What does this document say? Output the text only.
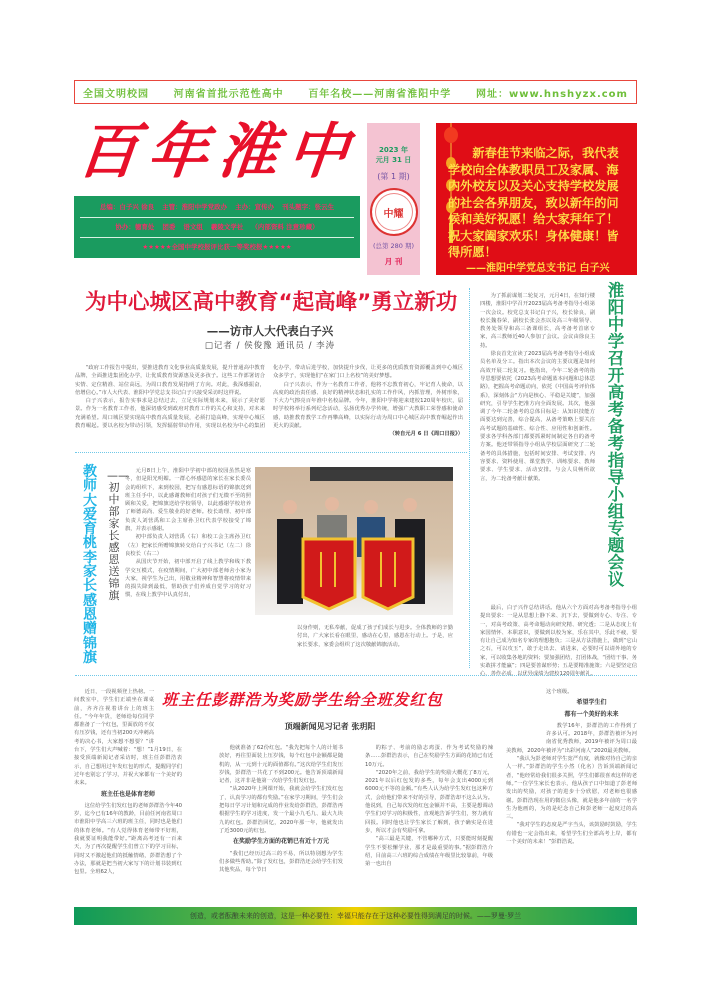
全国文明校园 河南省首批示范性高中 百年名校——河南省淮阳中学 网址：www.hnshyzx.com
百年淮中
总编：白子兴 徐良 主管：淮阳中学党政办 主办：宣传办 刊头题字：张云生
协办：德育处 团委 语文组 羲陵文学社 （内部资料 注意珍藏）
★★★★★全国中学校报评比获一等奖校报★★★★★
2023 年
元月 31 日
(第 1 期)
中耀
(总第 280 期)
月 刊
新春佳节来临之际，我代表学校向全体教职员工及家属、海内外校友以及关心支持学校发展的社会各界朋友，致以新年的问候和美好祝愿！给大家拜年了！祝大家阖家欢乐！身体健康！皆得所愿！
——淮阳中学党总支书记 白子兴
为中心城区高中教育“起高峰”勇立新功
——访市人大代表白子兴
□记者 / 侯俊豫 通讯员 / 李涛

“政府工作报告中提出，要推进教育文化事业高质量发展，提升普通高中教育品牌，全面推进集团化办学，让优质教育资源惠及更多孩子。这些工作部署切合实情、定位精准、站位高远，为周口教育发展指明了方向。对此，我深感振奋，倍增信心。”市人大代表、淮阳中学党总支书记白子兴接受采访时这样说。

白子兴表示，报告实事求是总结过去，立足实际规划未来，展示了美好愿景。作为一名教育工作者，他深切感受到政府对教育工作的关心和支持，对未来充满希望。周口城区要实现高中教育高质量发展，必须打造高峰，实现中心城区教育崛起。要以名校为带动引领，发挥辐射带动作用，实现以名校为中心的集团化办学，带动后进学校，加快提升步伐，让更多的优质教育资源覆盖到中心城区众多学子，实现他们“在家门口上名校”的美好梦想。

白子兴表示，作为一名教育工作者，他将不忘教育初心，牢记育人使命，以高度的政治责任感、良好的精神状态和扎实的工作作风，内抓管理，外树形象，下大力气擦亮百年淮中名校品牌。今年，淮阳中学将迎来建校120周年校庆，届时学校将举行系列纪念活动，弘扬优秀办学传统，增强广大教职工荣誉感和使命感，助推教育教学工作再攀高峰，以实际行动为周口中心城区高中教育崛起作出更大的贡献。

（转自元月 6 日《周口日报》）

为了抓前谋划二轮复习，元月4日，在知行楼四楼，淮阳中学召开2023届高考备考指导小组第一次会议。校党总支书记白子兴，校长徐良，副校长魏春荣，副校长张会杰以及高三年级领导、教务处领导和高三备课组长，高考备考首席专家，高三教师近40人参加了会议。会议由徐良主持。

徐良首先宣读了2023届高考备考指导小组成员名单及分工。指出本次会议的主要议题是如何高效开展二轮复习。他指出，今年二轮备考的指导思想要依托《2023高考命题蓝本问题和总体思路》，把握高考命题动向，依托《中国高考评价体系》，深刻体会“方向是核心、平稳是关键”，加强研究，引导学生把准方向全面发展。其次，他强调了今年二轮备考的总体目标是：从知识技能方面要达到完善，综合提高，从备考策略上要关注高考试题的基础性、综合性、应用性和创新性。要求各学科各部门都要抓紧时间制定各自的备考方案。他还带领指导小组从学校层面研究了二轮备考的具体措施，包括时间安排、考试安排、内容要求、资料使用、课堂教学、训练要求、教师要求、学生要求、活动安排。与会人员畅所欲言，为二轮备考献计献策。

淮阳中学召开高考备考指导小组专题会议

最后，白子兴作总结讲话。他从六个方面对高考备考指导小组提出要求：一是从思想上静下来、沉下去，要做到专心、专注、专一，对高考政策、高考命题动向研究精、研究透；二是从态度上有家国情怀、本职意识，要做到以校为家，乐在其中，乐此不疲，要有让自己成为知名专家的理想抱负；三是从方法措施上，做到“它山之石，可以攻玉”，敢于走出去、请进来，必要时可以请外地的专家，可以收集各地的资料；要加强团结，打团体战，“团结干事、务实敢拼才能赢”；四是要善谋形势；五是要精准施策；六是要坚定信心，善作必成，以优异成绩为建校120周年献礼。

教师大爱育桃李 家长感恩赠锦旗
——初中部家长感恩送锦旗

元月8日上午，淮阳中学初中部的校园虽然是寒冬，但是阳光明媚。一群心怀感恩的家长在家长委员会的组织下，来到校园，把写有感恩标语的锦旗送到班主任手中，以此感谢教师们对孩子们无微不至的照顾和关爱，把锦旗送给学校领导，以此感谢学校培养了师德高尚、爱生敬业的好老师。校长助理、初中部负责人刘营禹和工会主席孙卫红代表学校接受了锦旗，并表示感谢。

初中部负责人刘营禹（右）和校工会主席孙卫红（左）把家长所赠锦旗转交给白子兴书记（左二）徐良校长（右二）

从国庆节开始，初中部开启了线上教学和线下教学交互模式，在疫情期间，广大初中部老师舍小家为大家，视学生为己出，用敬业精神和智慧将疫情带来的损失降到最低，帮助孩子们养成自觉学习的好习惯，在线上教学中认真付出，

以身作则，无私奉献，促成了孩子们成长与进步。全体教师的辛勤付出，广大家长看在眼里，感动在心里，感恩在行动上。于是，应家长要求，家委会组织了这次敬献锦旗活动。

班主任彭群浩为奖励学生给全班发红包
顶端新闻见习记者 张玥阳

近日，一段视频登上热榜。一间教室中，学生们正端坐在课桌前，齐齐注视着讲台上的班主任。“今年年货，老师给每位同学都准备了一个红包，里面放的不仅有压岁钱，还有当初200天冲刺高考的决心书，大家想不想要？”讲台下，学生们大声喊着：“想！”1月19日，在接受顶端新闻记者采访时，班主任彭群浩表示，自己想用过年发红包的形式，提醒同学们过年也别忘了学习，并祝大家都有一个美好的未来。

班主任也是体育老师

这位给学生们发红包的老师彭群浩今年40岁，迄今已有16年的教龄，目前任河南省周口市淮阳中学高三六班的班主任，同时也是他们的体育老师。“有人觉得体育老师带不好班，我就要证明我能带好。”距离高考还有一百来天，为了再次提醒学生们曾立下的学习目标，同时又不激起他们的抵触情绪，彭群浩想了个办法，那就是把当初大家写下的计划书装到红包里。全班62人，

他就准备了62份红包。“我先把每个人的计划书放好，再往里面装上压岁钱，每个红包中金额都是随机的，从一元到十元的面值都有。”这次给学生们发压岁钱，彭群浩一共花了不到200元。他告诉顶端新闻记者，这并非是他第一次给学生们发红包。

“从2020年上网课开始，我就会给学生们发红包了，认真学习的都有奖励。”在家学习期间，学生们会把每日学习计划和完成的作业发给彭群浩，彭群浩再根据学生的学习进度，发一个最小九毛九、最大九块九的红包。彭群浩回忆，2020年那一年，他就发出了近3000元的红包。

在奖励学生方面的花销已有近十万元

“我们已经历过高三的不易，所以特别想为学生们多做些帮助。”除了发红包，彭群浩还会给学生们发其他奖品，每个节日

的粽子、考前的励志鸡蛋、作为考试奖励的辣条……彭群浩表示，自己在奖励学生方面的花销已有近10万元。

“2020年之前，我给学生的奖励大概花了8万元，2021年以后红包发的多些，每年会支出4000元到6000元不等的金额。”有些人认为给学生发红包这种方式，会给他们带来不好的引导，彭群浩却不这么认为。他说到，自己每次发的红包金额并不高，主要是想调动学生们对学习的积极性，直观地告诉学生们，努力就有回报。同时他也让学生家长了解到，孩子确实是在进步，所以才会有奖励可拿。

“高三最是关键，不管哪种方式，只要能时刻提醒学生不要松懈学业，那才是最重要的事。”据彭群浩介绍，目前高三六班的综合成绩在年级里比较靠前，年级第一也出自

这个班级。

希望学生们

都有一个美好的未来

教学16年，彭群浩的工作得到了许多认可。2018年，彭群浩被评为河南省优秀教师，2019年被评为周口最美教师，2020年被评为“出彩河南人”2020最美教师。

“我认为彭老师对学生宽严有度，就像对待自己的亲人一样。”彭群浩的学生小然（化名）告诉顶端新闻记者，“他经常给我们很多关照，学生们都很喜欢这样的老师。”一位学生家长也表示，他从孩子口中知道了彭老师发出的奖励，对孩子的进步十分欣慰，对老师也很感谢。彭群浩现在用的微信头像，就是他多年前的一名学生为他画的，为的是纪念自己和彭老师一起度过的高三。

“我对学生的态度是严字当头，该鼓励时鼓励，学生有错也一定会指出来，希望学生们全部高考上岸，都有一个美好的未来！”彭群浩说。

创造，或者酝酿未来的创造，这是一种必要性：幸福只能存在于这种必要性得到满足的时候。——罗曼·罗兰
